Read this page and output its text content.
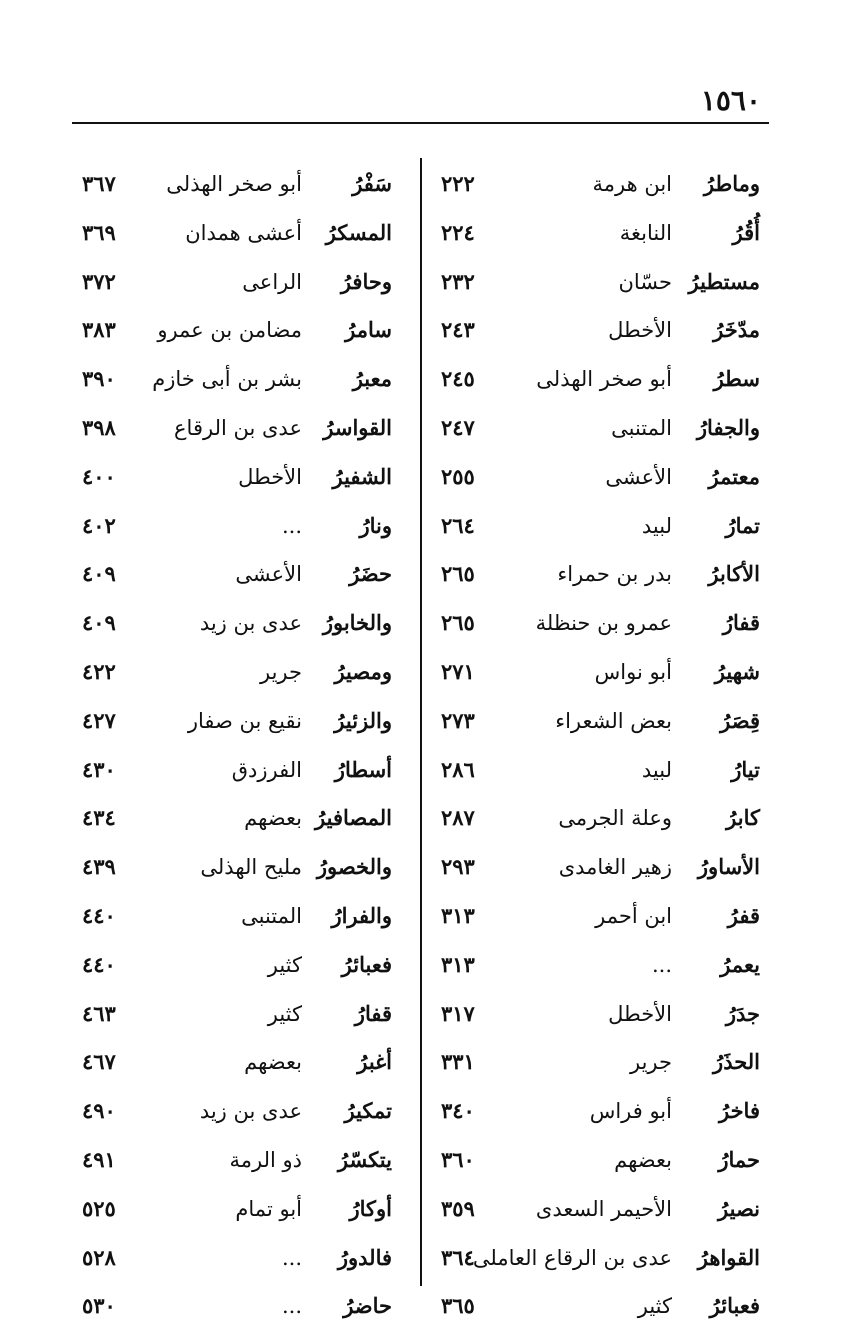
١٥٦٠
وماطرُ
ابن هرمة
٢٢٢
أُقُرُ
النابغة
٢٢٤
مستطيرُ
حسّان
٢٣٢
مدّخَرُ
الأخطل
٢٤٣
سطرُ
أبو صخر الهذلى
٢٤٥
والجفارُ
المتنبى
٢٤٧
معتمرُ
الأعشى
٢٥٥
تمارُ
لبيد
٢٦٤
الأكابرُ
بدر بن حمراء
٢٦٥
قفارُ
عمرو بن حنظلة
٢٦٥
شهيرُ
أبو نواس
٢٧١
قِصَرُ
بعض الشعراء
٢٧٣
تيارُ
لبيد
٢٨٦
كابرُ
وعلة الجرمى
٢٨٧
الأساورُ
زهير الغامدى
٢٩٣
قفرُ
ابن أحمر
٣١٣
يعمرُ
...
٣١٣
جدَرُ
الأخطل
٣١٧
الحذَرُ
جرير
٣٣١
فاخرُ
أبو فراس
٣٤٠
حمارُ
بعضهم
٣٦٠
نصيرُ
الأحيمر السعدى
٣٥٩
القواهرُ
عدى بن الرقاع العاملى
٣٦٤
فعبائرُ
كثير
٣٦٥
سَفْرُ
أبو صخر الهذلى
٣٦٧
المسكرُ
أعشى همدان
٣٦٩
وحافرُ
الراعى
٣٧٢
سامرُ
مضامن بن عمرو
٣٨٣
معبرُ
بشر بن أبى خازم
٣٩٠
القواسرُ
عدى بن الرقاع
٣٩٨
الشفيرُ
الأخطل
٤٠٠
ونارُ
...
٤٠٢
حضَرُ
الأعشى
٤٠٩
والخابورُ
عدى بن زيد
٤٠٩
ومصيرُ
جرير
٤٢٢
والزئيرُ
نقيع بن صفار
٤٢٧
أسطارُ
الفرزدق
٤٣٠
المصافيرُ
بعضهم
٤٣٤
والخصورُ
مليح الهذلى
٤٣٩
والفرارُ
المتنبى
٤٤٠
فعبائرُ
كثير
٤٤٠
قفارُ
كثير
٤٦٣
أغبرُ
بعضهم
٤٦٧
تمكيرُ
عدى بن زيد
٤٩٠
يتكسّرُ
ذو الرمة
٤٩١
أوكارُ
أبو تمام
٥٢٥
فالدورُ
...
٥٢٨
حاضرُ
...
٥٣٠
